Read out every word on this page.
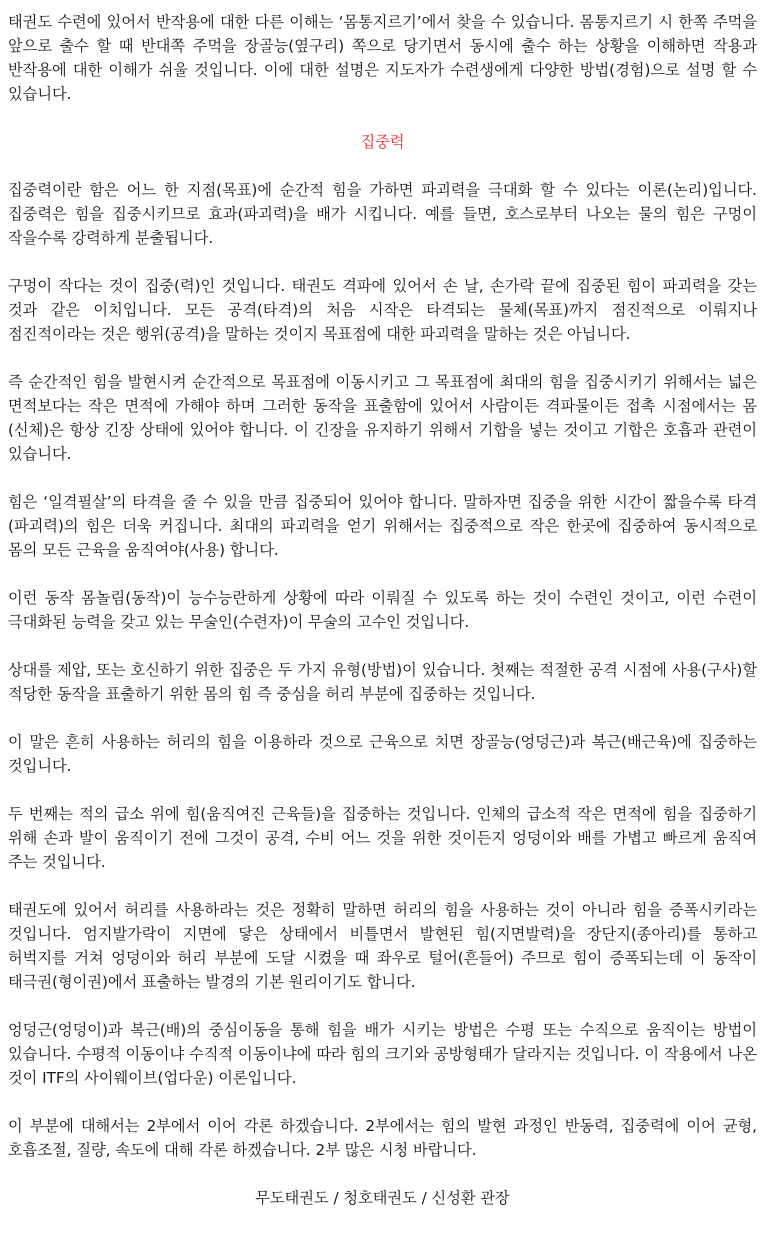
태권도 수련에 있어서 반작용에 대한 다른 이해는 ‘몸통지르기’에서 찾을 수 있습니다. 몸통지르기 시 한쪽 주먹을 앞으로 출수 할 때 반대쪽 주먹을 장골능(옆구리) 쪽으로 당기면서 동시에 출수 하는 상황을 이해하면 작용과 반작용에 대한 이해가 쉬울 것입니다. 이에 대한 설명은 지도자가 수련생에게 다양한 방법(경험)으로 설명 할 수 있습니다.

집중력

집중력이란 함은 어느 한 지점(목표)에 순간적 힘을 가하면 파괴력을 극대화 할 수 있다는 이론(논리)입니다. 집중력은 힘을 집중시키므로 효과(파괴력)을 배가 시킵니다. 예를 들면, 호스로부터 나오는 물의 힘은 구멍이 작을수록 강력하게 분출됩니다.

구멍이 작다는 것이 집중(력)인 것입니다. 태권도 격파에 있어서 손 날, 손가락 끝에 집중된 힘이 파괴력을 갖는 것과 같은 이치입니다. 모든 공격(타격)의 처음 시작은 타격되는 물체(목표)까지 점진적으로 이뤄지나 점진적이라는 것은 행위(공격)을 말하는 것이지 목표점에 대한 파괴력을 말하는 것은 아닙니다.

즉 순간적인 힘을 발현시켜 순간적으로 목표점에 이동시키고 그 목표점에 최대의 힘을 집중시키기 위해서는 넓은 면적보다는 작은 면적에 가해야 하며 그러한 동작을 표출함에 있어서 사람이든 격파물이든 접촉 시점에서는 몸(신체)은 항상 긴장 상태에 있어야 합니다. 이 긴장을 유지하기 위해서 기합을 넣는 것이고 기합은 호흡과 관련이 있습니다.

힘은 ‘일격필살’의 타격을 줄 수 있을 만큼 집중되어 있어야 합니다. 말하자면 집중을 위한 시간이 짧을수록 타격(파괴력)의 힘은 더욱 커집니다. 최대의 파괴력을 얻기 위해서는 집중적으로 작은 한곳에 집중하여 동시적으로 몸의 모든 근육을 움직여야(사용) 합니다.

이런 동작 몸놀림(동작)이 능수능란하게 상황에 따라 이뤄질 수 있도록 하는 것이 수련인 것이고, 이런 수련이 극대화된 능력을 갖고 있는 무술인(수련자)이 무술의 고수인 것입니다.

상대를 제압, 또는 호신하기 위한 집중은 두 가지 유형(방법)이 있습니다. 첫째는 적절한 공격 시점에 사용(구사)할 적당한 동작을 표출하기 위한 몸의 힘 즉 중심을 허리 부분에 집중하는 것입니다.

이 말은 흔히 사용하는 허리의 힘을 이용하라 것으로 근육으로 치면 장골능(엉덩근)과 복근(배근육)에 집중하는 것입니다.

두 번째는 적의 급소 위에 힘(움직여진 근육들)을 집중하는 것입니다. 인체의 급소적 작은 면적에 힘을 집중하기 위해 손과 발이 움직이기 전에 그것이 공격, 수비 어느 것을 위한 것이든지 엉덩이와 배를 가볍고 빠르게 움직여 주는 것입니다.

태권도에 있어서 허리를 사용하라는 것은 정확히 말하면 허리의 힘을 사용하는 것이 아니라 힘을 증폭시키라는 것입니다. 엄지발가락이 지면에 닿은 상태에서 비틀면서 발현된 힘(지면발력)을 장단지(종아리)를 통하고 허벅지를 거쳐 엉덩이와 허리 부분에 도달 시켰을 때 좌우로 털어(흔들어) 주므로 힘이 증폭되는데 이 동작이 태극권(형이권)에서 표출하는 발경의 기본 원리이기도 합니다.

엉덩근(엉덩이)과 복근(배)의 중심이동을 통해 힘을 배가 시키는 방법은 수평 또는 수직으로 움직이는 방법이 있습니다. 수평적 이동이냐 수직적 이동이냐에 따라 힘의 크기와 공방형태가 달라지는 것입니다. 이 작용에서 나온 것이 ITF의 사이웨이브(업다운) 이론입니다.

이 부분에 대해서는 2부에서 이어 각론 하겠습니다. 2부에서는 힘의 발현 과정인 반동력, 집중력에 이어 균형, 호흡조절, 질량, 속도에 대해 각론 하겠습니다. 2부 많은 시청 바랍니다.

무도태권도 / 청호태권도 / 신성환 관장
